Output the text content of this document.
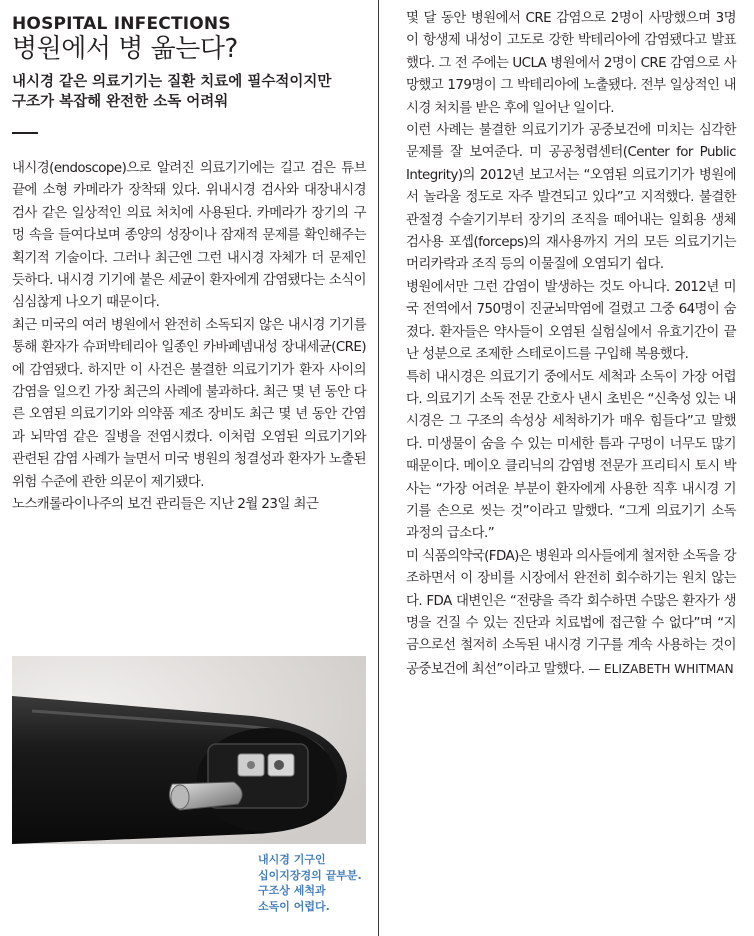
HOSPITAL INFECTIONS
병원에서 병 옮는다?

내시경 같은 의료기기는 질환 치료에 필수적이지만
구조가 복잡해 완전한 소독 어려워

내시경(endoscope)으로 알려진 의료기기에는 길고 검은 튜브 끝에 소형 카메라가 장착돼 있다. 위내시경 검사와 대장내시경 검사 같은 일상적인 의료 처치에 사용된다. 카메라가 장기의 구멍 속을 들여다보며 종양의 성장이나 잠재적 문제를 확인해주는 획기적 기술이다. 그러나 최근엔 그런 내시경 자체가 더 문제인 듯하다. 내시경 기기에 붙은 세균이 환자에게 감염됐다는 소식이 심심찮게 나오기 때문이다.

최근 미국의 여러 병원에서 완전히 소독되지 않은 내시경 기기를 통해 환자가 슈퍼박테리아 일종인 카바페넴내성 장내세균(CRE)에 감염됐다. 하지만 이 사건은 불결한 의료기기가 환자 사이의 감염을 일으킨 가장 최근의 사례에 불과하다. 최근 몇 년 동안 다른 오염된 의료기기와 의약품 제조 장비도 최근 몇 년 동안 간염과 뇌막염 같은 질병을 전염시켰다. 이처럼 오염된 의료기기와 관련된 감염 사례가 늘면서 미국 병원의 청결성과 환자가 노출된 위험 수준에 관한 의문이 제기됐다.

노스캐롤라이나주의 보건 관리들은 지난 2월 23일 최근

내시경 기구인
십이지장경의 끝부분.
구조상 세척과
소독이 어렵다.

몇 달 동안 병원에서 CRE 감염으로 2명이 사망했으며 3명이 항생제 내성이 고도로 강한 박테리아에 감염됐다고 발표했다. 그 전 주에는 UCLA 병원에서 2명이 CRE 감염으로 사망했고 179명이 그 박테리아에 노출됐다. 전부 일상적인 내시경 처치를 받은 후에 일어난 일이다.

이런 사례는 불결한 의료기기가 공중보건에 미치는 심각한 문제를 잘 보여준다. 미 공공청렴센터(Center for Public Integrity)의 2012년 보고서는 “오염된 의료기기가 병원에서 놀라울 정도로 자주 발견되고 있다”고 지적했다. 불결한 관절경 수술기기부터 장기의 조직을 떼어내는 일회용 생체검사용 포셉(forceps)의 재사용까지 거의 모든 의료기기는 머리카락과 조직 등의 이물질에 오염되기 쉽다.

병원에서만 그런 감염이 발생하는 것도 아니다. 2012년 미국 전역에서 750명이 진균뇌막염에 걸렸고 그중 64명이 숨졌다. 환자들은 약사들이 오염된 실험실에서 유효기간이 끝난 성분으로 조제한 스테로이드를 구입해 복용했다.

특히 내시경은 의료기기 중에서도 세척과 소독이 가장 어렵다. 의료기기 소독 전문 간호사 낸시 초빈은 “신축성 있는 내시경은 그 구조의 속성상 세척하기가 매우 힘들다”고 말했다. 미생물이 숨을 수 있는 미세한 틈과 구멍이 너무도 많기 때문이다. 메이오 클리닉의 감염병 전문가 프리티시 토시 박사는 “가장 어려운 부분이 환자에게 사용한 직후 내시경 기기를 손으로 씻는 것”이라고 말했다. “그게 의료기기 소독 과정의 급소다.”

미 식품의약국(FDA)은 병원과 의사들에게 철저한 소독을 강조하면서 이 장비를 시장에서 완전히 회수하기는 원치 않는다. FDA 대변인은 “전량을 즉각 회수하면 수많은 환자가 생명을 건질 수 있는 진단과 치료법에 접근할 수 없다”며 “지금으로선 철저히 소독된 내시경 기구를 계속 사용하는 것이 공중보건에 최선”이라고 말했다. — ELIZABETH WHITMAN
